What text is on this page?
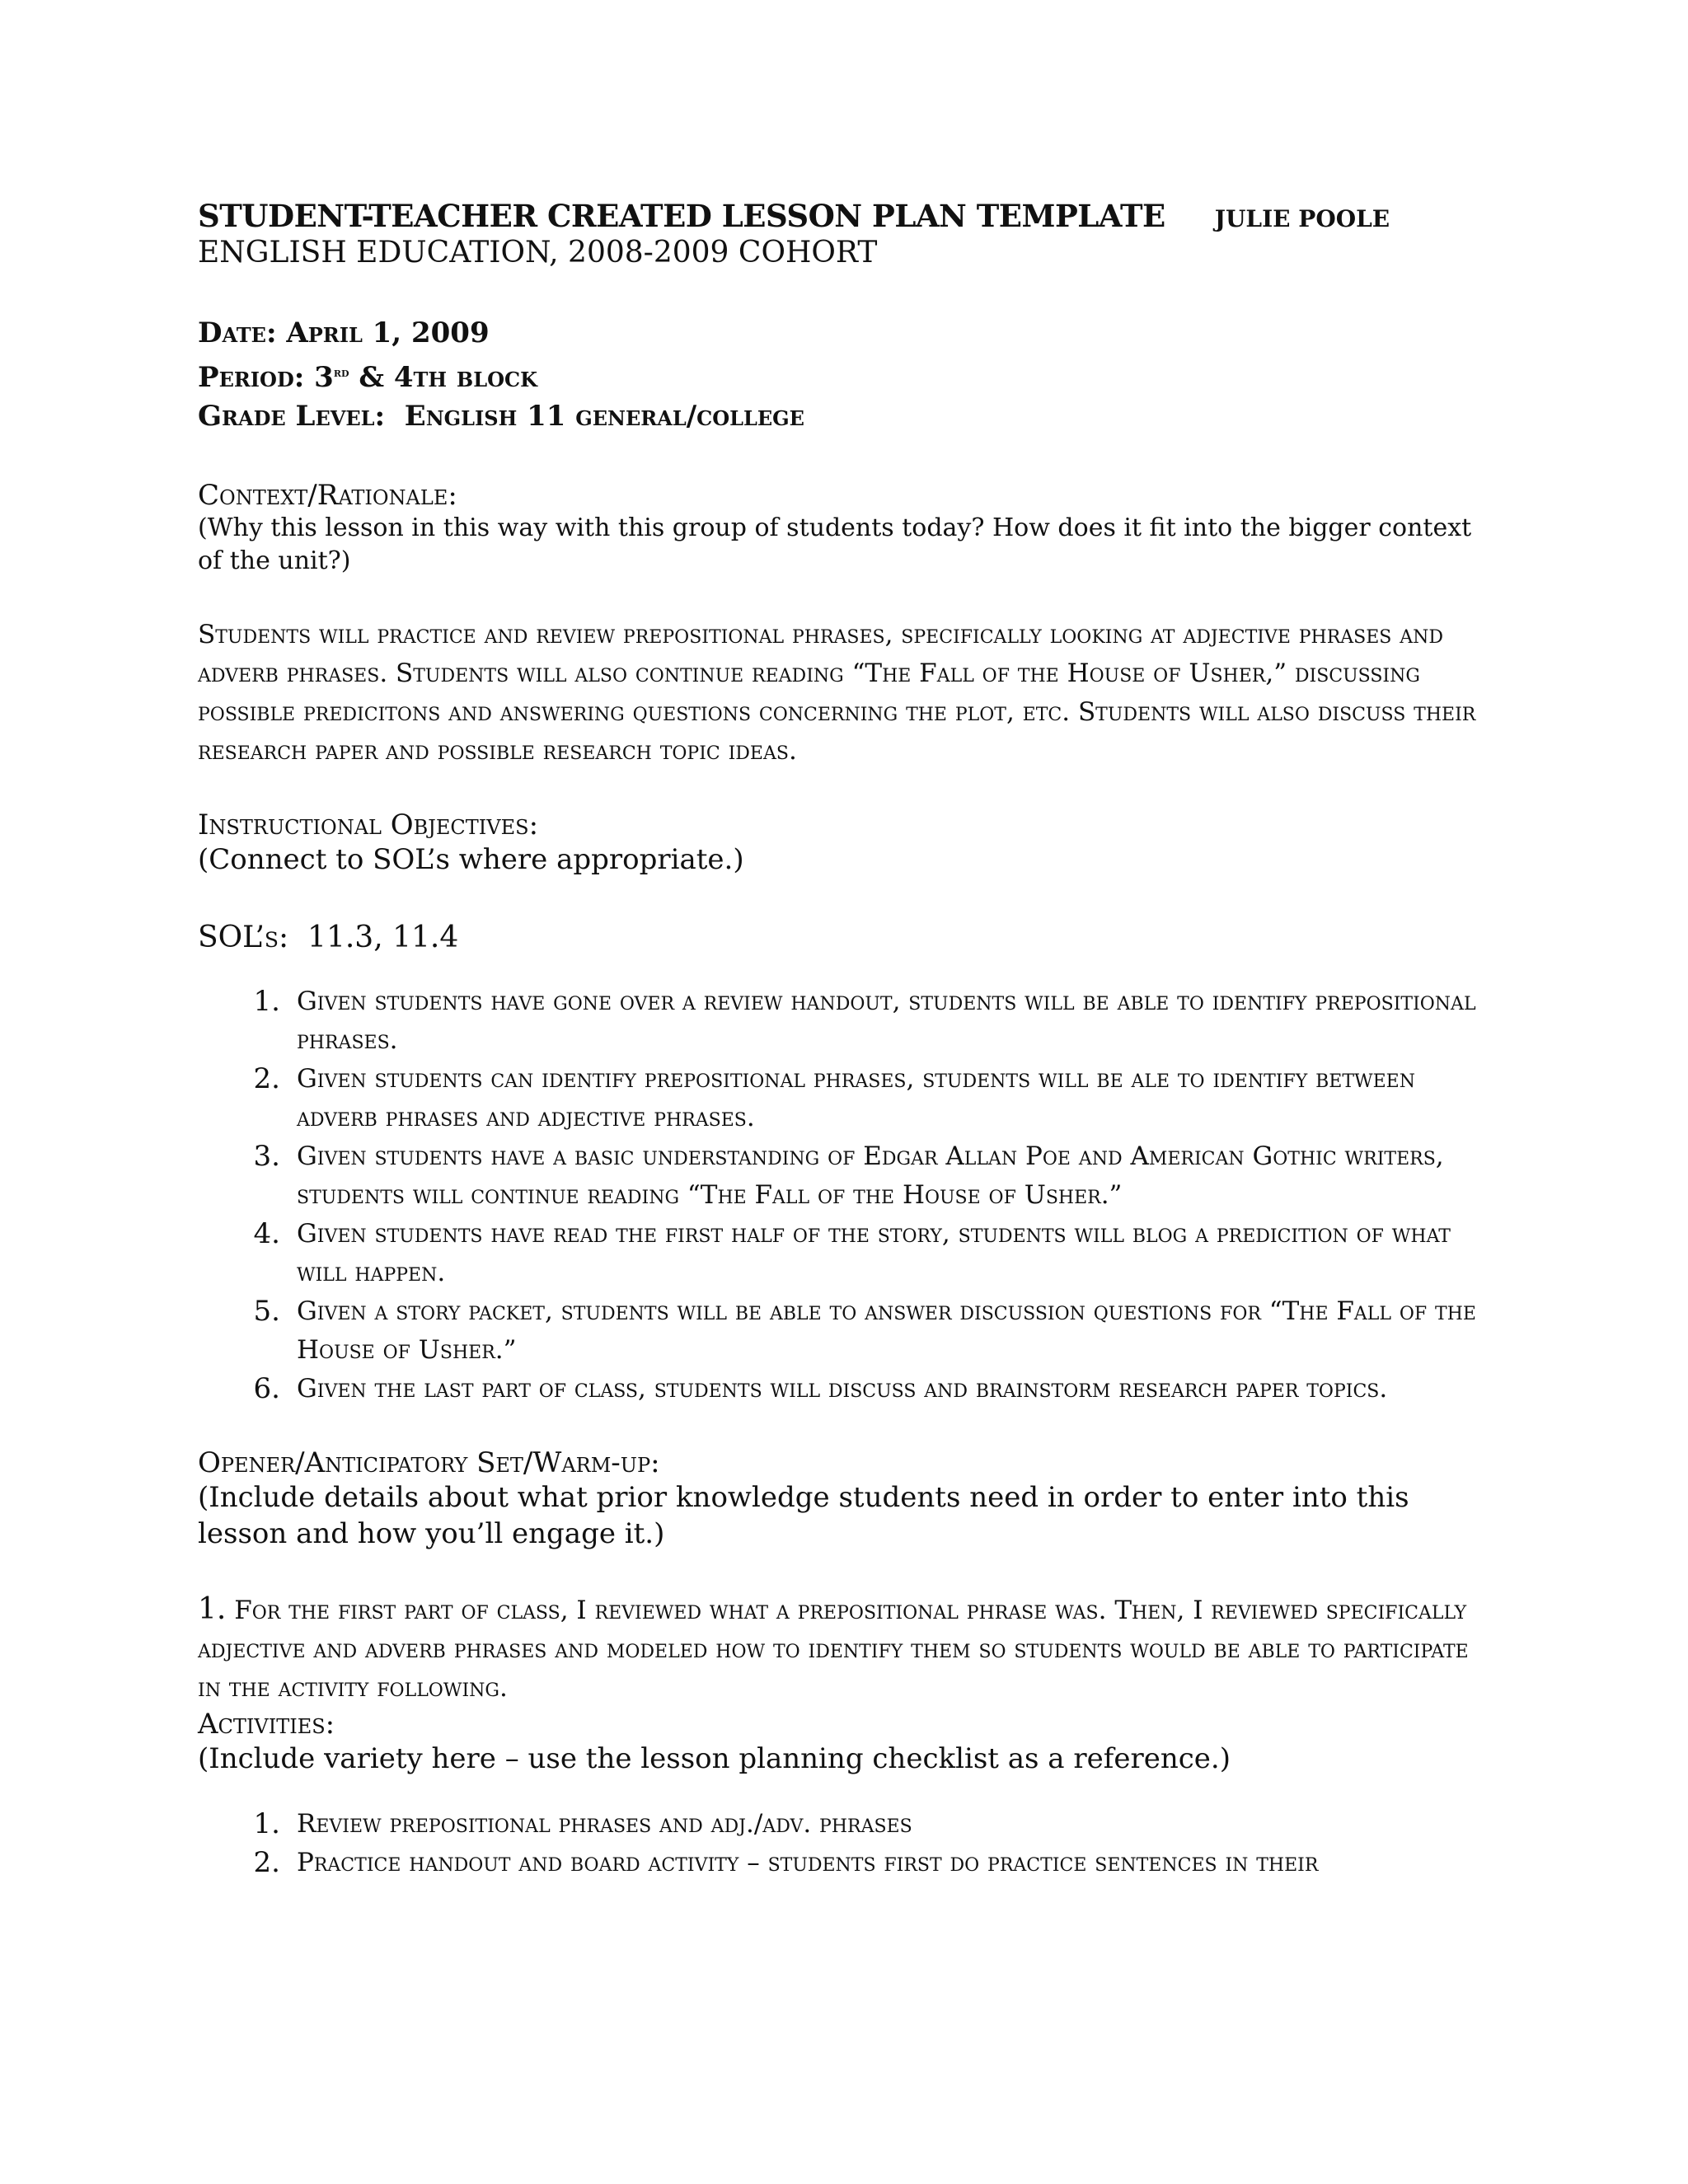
STUDENT-TEACHER CREATED LESSON PLAN TEMPLATE JULIE POOLE
ENGLISH EDUCATION, 2008-2009 COHORT
Date: April 1, 2009
Period: 3rd & 4th block
Grade Level: English 11 general/college
Context/Rationale:
(Why this lesson in this way with this group of students today? How does it fit into the bigger context of the unit?)
Students will practice and review prepositional phrases, specifically looking at adjective phrases and adverb phrases. Students will also continue reading “The Fall of the House of Usher,” discussing possible predicitons and answering questions concerning the plot, etc. Students will also discuss their research paper and possible research topic ideas.
Instructional Objectives:
(Connect to SOL’s where appropriate.)
SOL’s: 11.3, 11.4
1. Given students have gone over a review handout, students will be able to identify prepositional phrases.
2. Given students can identify prepositional phrases, students will be ale to identify between adverb phrases and adjective phrases.
3. Given students have a basic understanding of Edgar Allan Poe and American Gothic writers, students will continue reading “The Fall of the House of Usher.”
4. Given students have read the first half of the story, students will blog a predicition of what will happen.
5. Given a story packet, students will be able to answer discussion questions for “The Fall of the House of Usher.”
6. Given the last part of class, students will discuss and brainstorm research paper topics.
Opener/Anticipatory Set/Warm-up:
(Include details about what prior knowledge students need in order to enter into this lesson and how you’ll engage it.)
1. For the first part of class, I reviewed what a prepositional phrase was. Then, I reviewed specifically adjective and adverb phrases and modeled how to identify them so students would be able to participate in the activity following.
Activities:
(Include variety here – use the lesson planning checklist as a reference.)
1. Review prepositional phrases and adj./adv. phrases
2. Practice handout and board activity – students first do practice sentences in their
